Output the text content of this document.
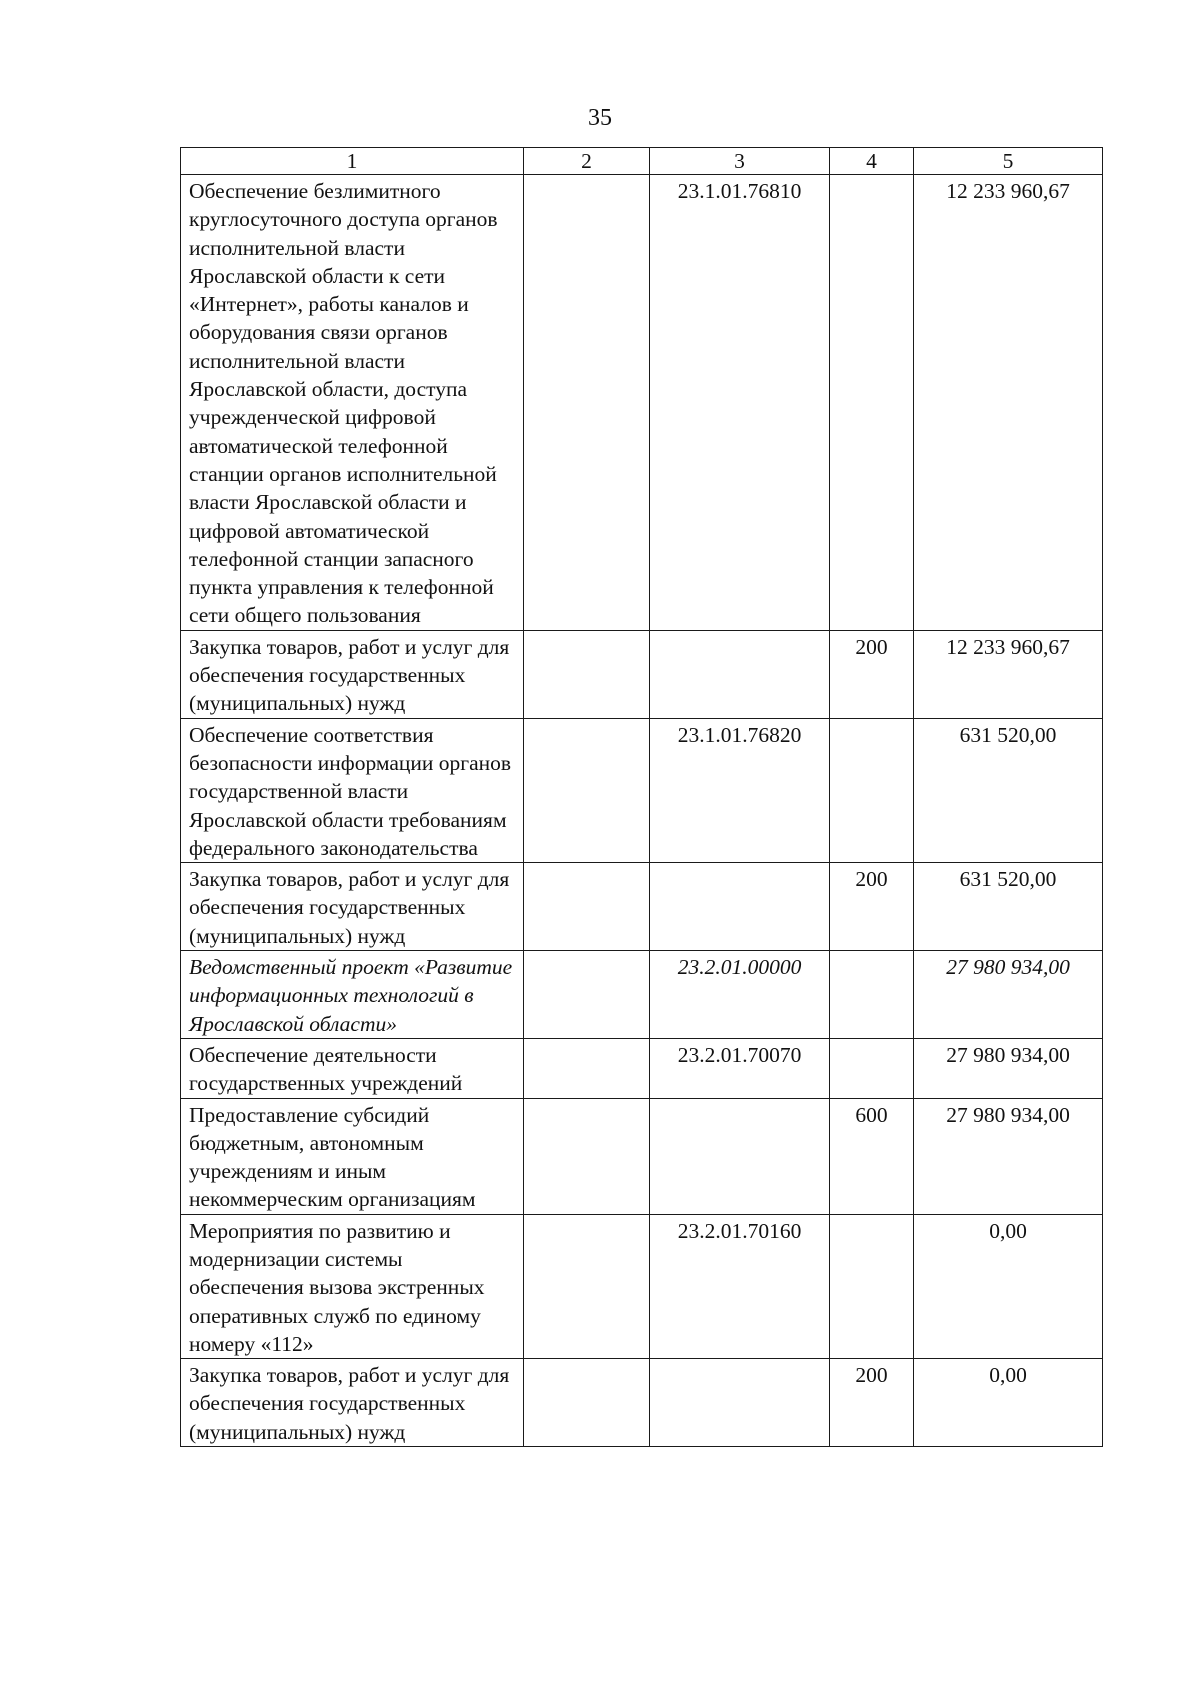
35
1	2	3	4	5
Обеспечение безлимитного круглосуточного доступа органов исполнительной власти Ярославской области к сети «Интернет», работы каналов и оборудования связи органов исполнительной власти Ярославской области, доступа учрежденческой цифровой автоматической телефонной станции органов исполнительной власти Ярославской области и цифровой автоматической телефонной станции запасного пункта управления к телефонной сети общего пользования		23.1.01.76810		12 233 960,67
Закупка товаров, работ и услуг для обеспечения государственных (муниципальных) нужд			200	12 233 960,67
Обеспечение соответствия безопасности информации органов государственной власти Ярославской области требованиям федерального законодательства		23.1.01.76820		631 520,00
Закупка товаров, работ и услуг для обеспечения государственных (муниципальных) нужд			200	631 520,00
Ведомственный проект «Развитие информационных технологий в Ярославской области»		23.2.01.00000		27 980 934,00
Обеспечение деятельности государственных учреждений		23.2.01.70070		27 980 934,00
Предоставление субсидий бюджетным, автономным учреждениям и иным некоммерческим организациям			600	27 980 934,00
Мероприятия по развитию и модернизации системы обеспечения вызова экстренных оперативных служб по единому номеру «112»		23.2.01.70160		0,00
Закупка товаров, работ и услуг для обеспечения государственных (муниципальных) нужд			200	0,00
